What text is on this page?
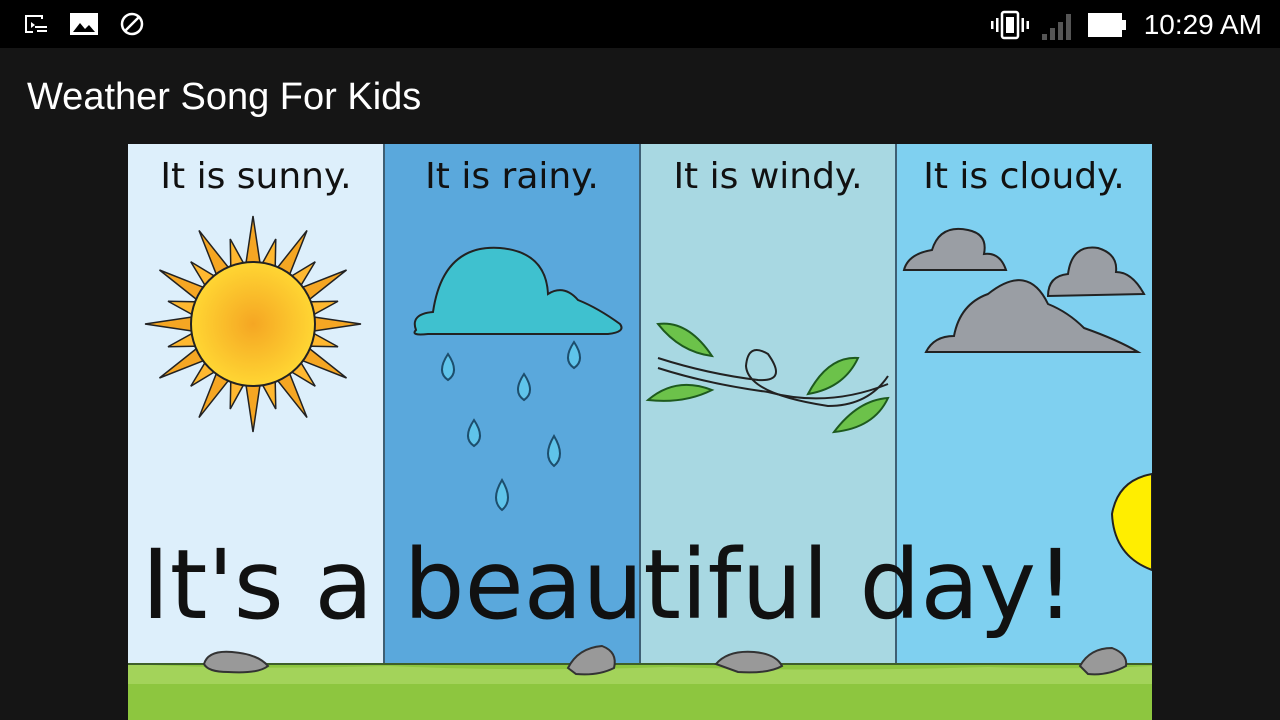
10:29 AM
Weather Song For Kids
It is sunny. It is rainy. It is windy. It is cloudy.
It's a beautiful day!
